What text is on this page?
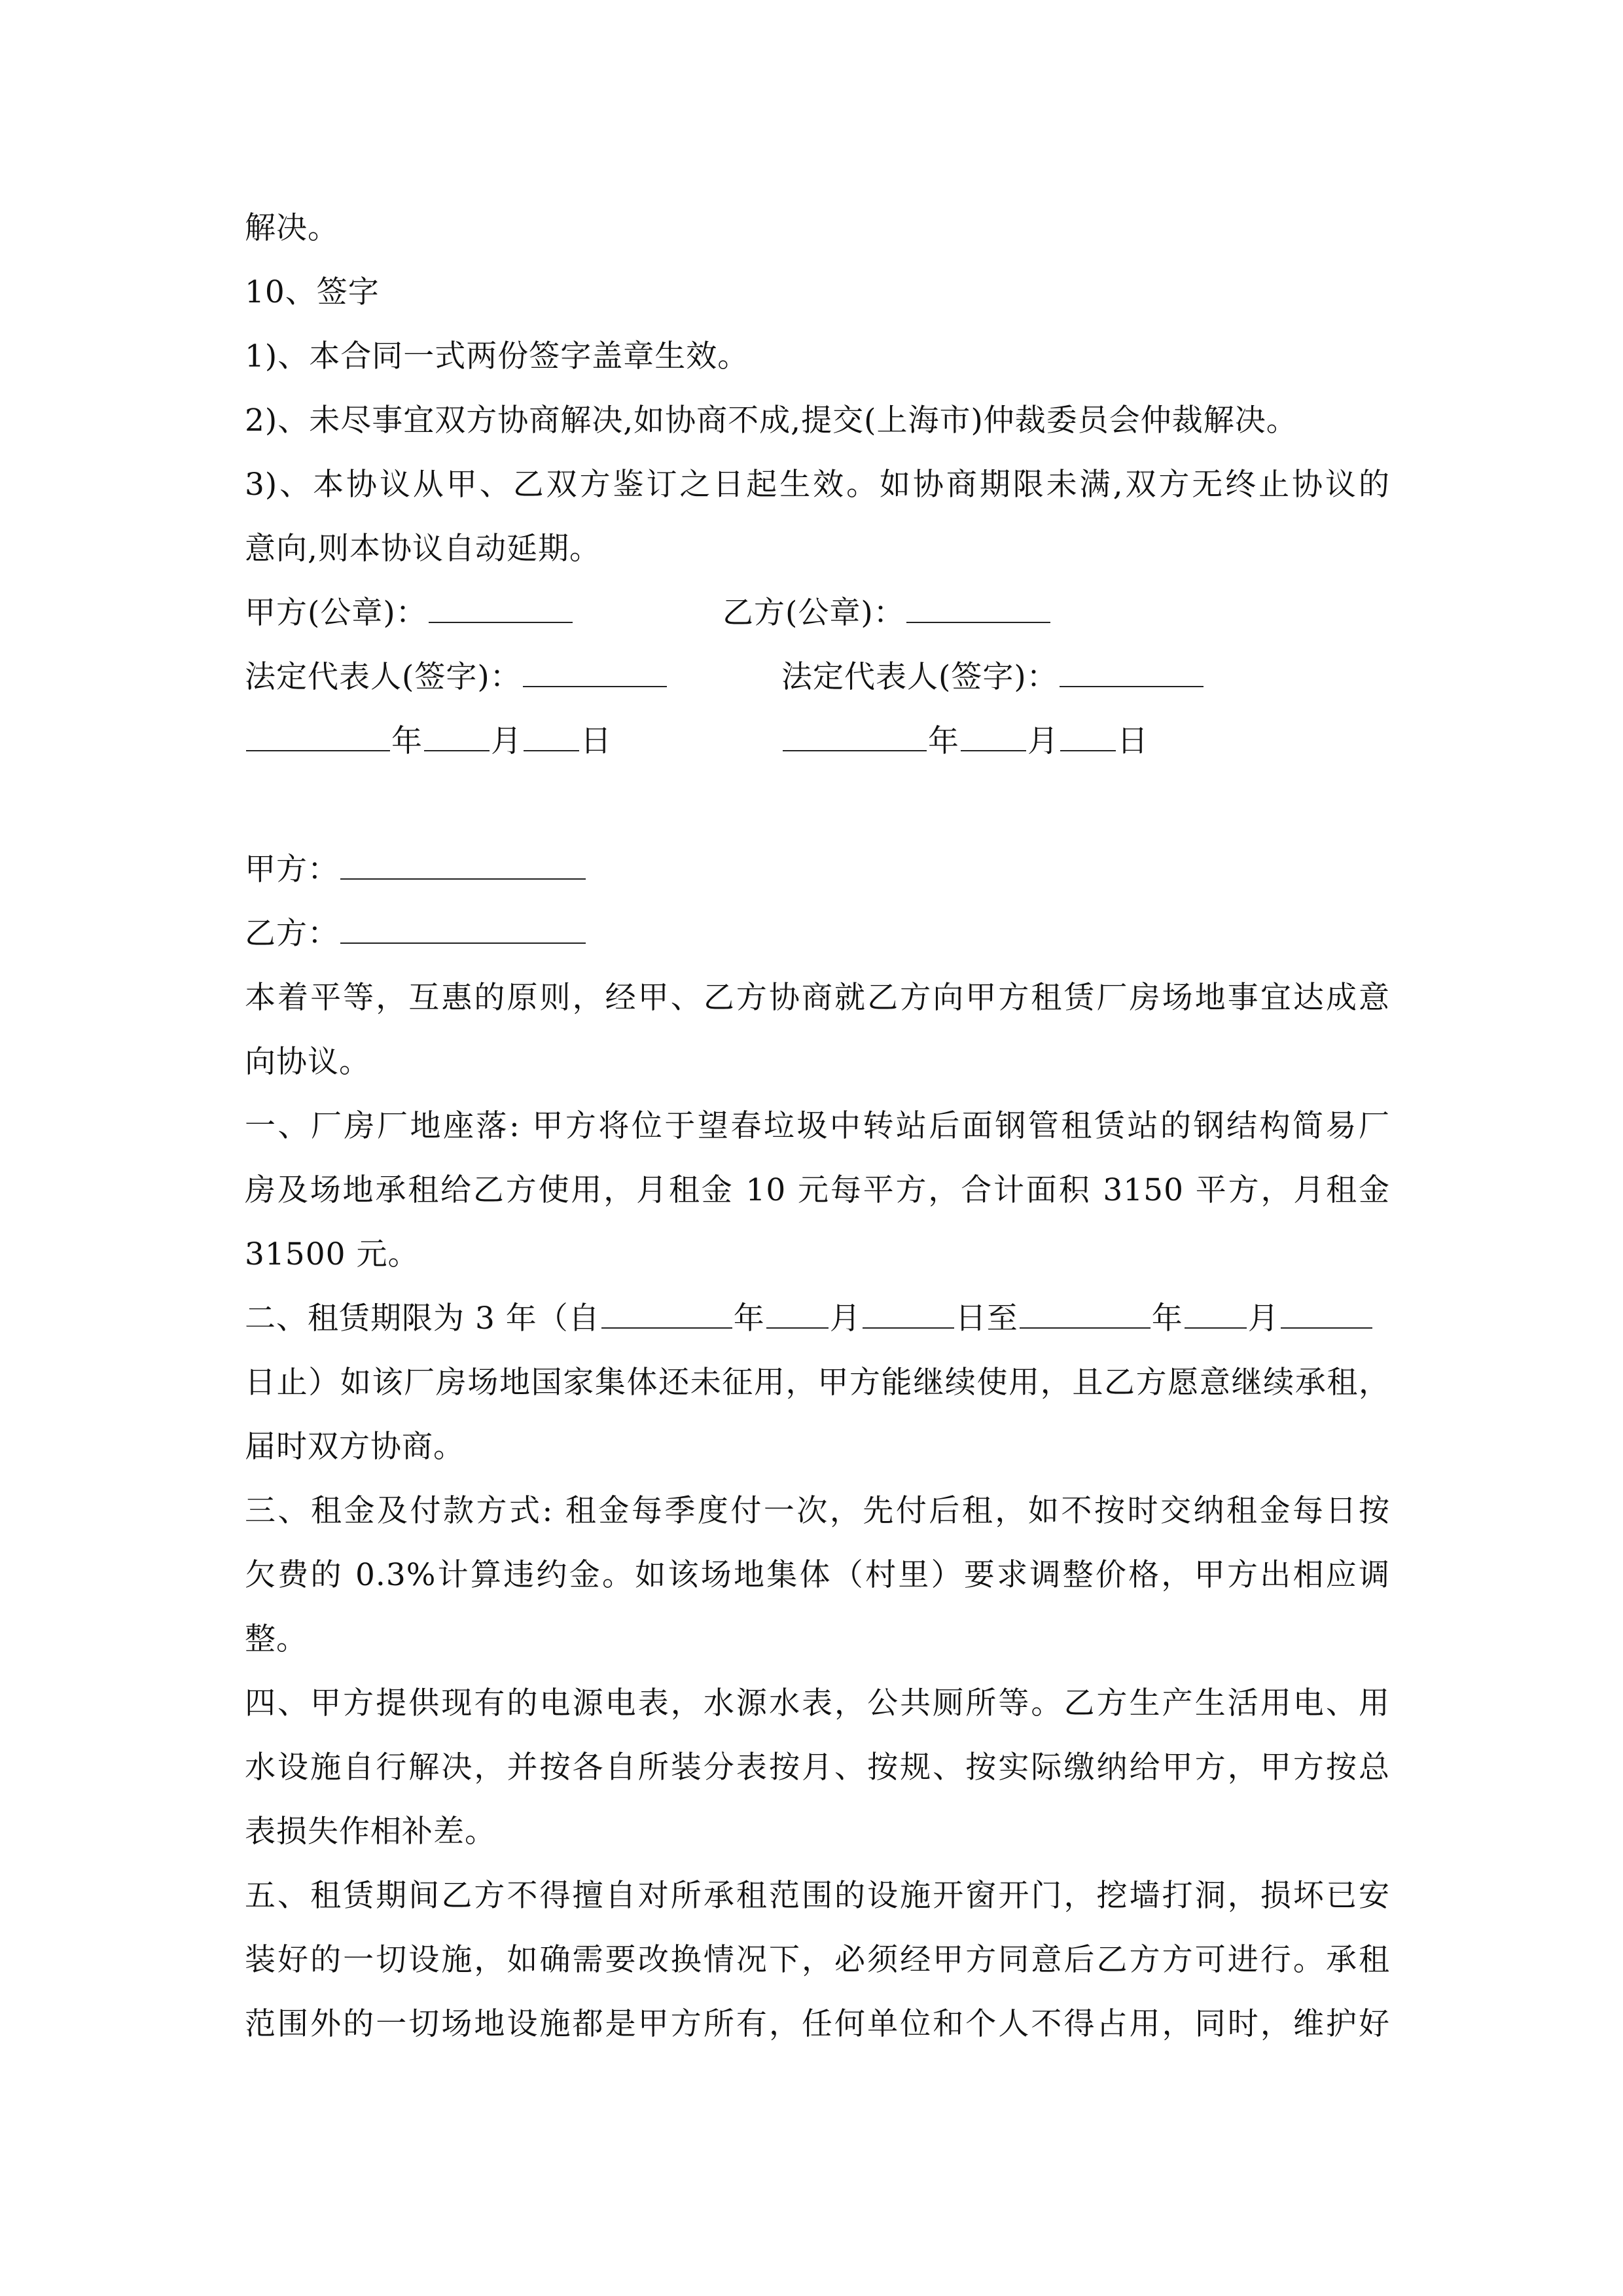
解决。
10、签字
1)、本合同一式两份签字盖章生效。
2)、未尽事宜双方协商解决,如协商不成,提交(上海市)仲裁委员会仲裁解决。
3)、本协议从甲、乙双方鉴订之日起生效。如协商期限未满,双方无终止协议的
意向,则本协议自动延期。
甲方(公章)：	乙方(公章)：
法定代表人(签字)：	法定代表人(签字)：
年 月 日	年 月 日
甲方：
乙方：
本着平等，互惠的原则，经甲、乙方协商就乙方向甲方租赁厂房场地事宜达成意
向协议。
一、厂房厂地座落: 甲方将位于望春垃圾中转站后面钢管租赁站的钢结构简易厂
房及场地承租给乙方使用，月租金 10 元每平方，合计面积 3150 平方，月租金
31500 元。
二、租赁期限为 3 年（自	年 月	日至	年 月
日止）如该厂房场地国家集体还未征用，甲方能继续使用，且乙方愿意继续承租，
届时双方协商。
三、租金及付款方式: 租金每季度付一次，先付后租，如不按时交纳租金每日按
欠费的 0.3%计算违约金。如该场地集体（村里）要求调整价格，甲方出相应调
整。
四、甲方提供现有的电源电表，水源水表，公共厕所等。乙方生产生活用电、用
水设施自行解决，并按各自所装分表按月、按规、按实际缴纳给甲方，甲方按总
表损失作相补差。
五、租赁期间乙方不得擅自对所承租范围的设施开窗开门，挖墙打洞，损坏已安
装好的一切设施，如确需要改换情况下，必须经甲方同意后乙方方可进行。承租
范围外的一切场地设施都是甲方所有，任何单位和个人不得占用，同时，维护好
